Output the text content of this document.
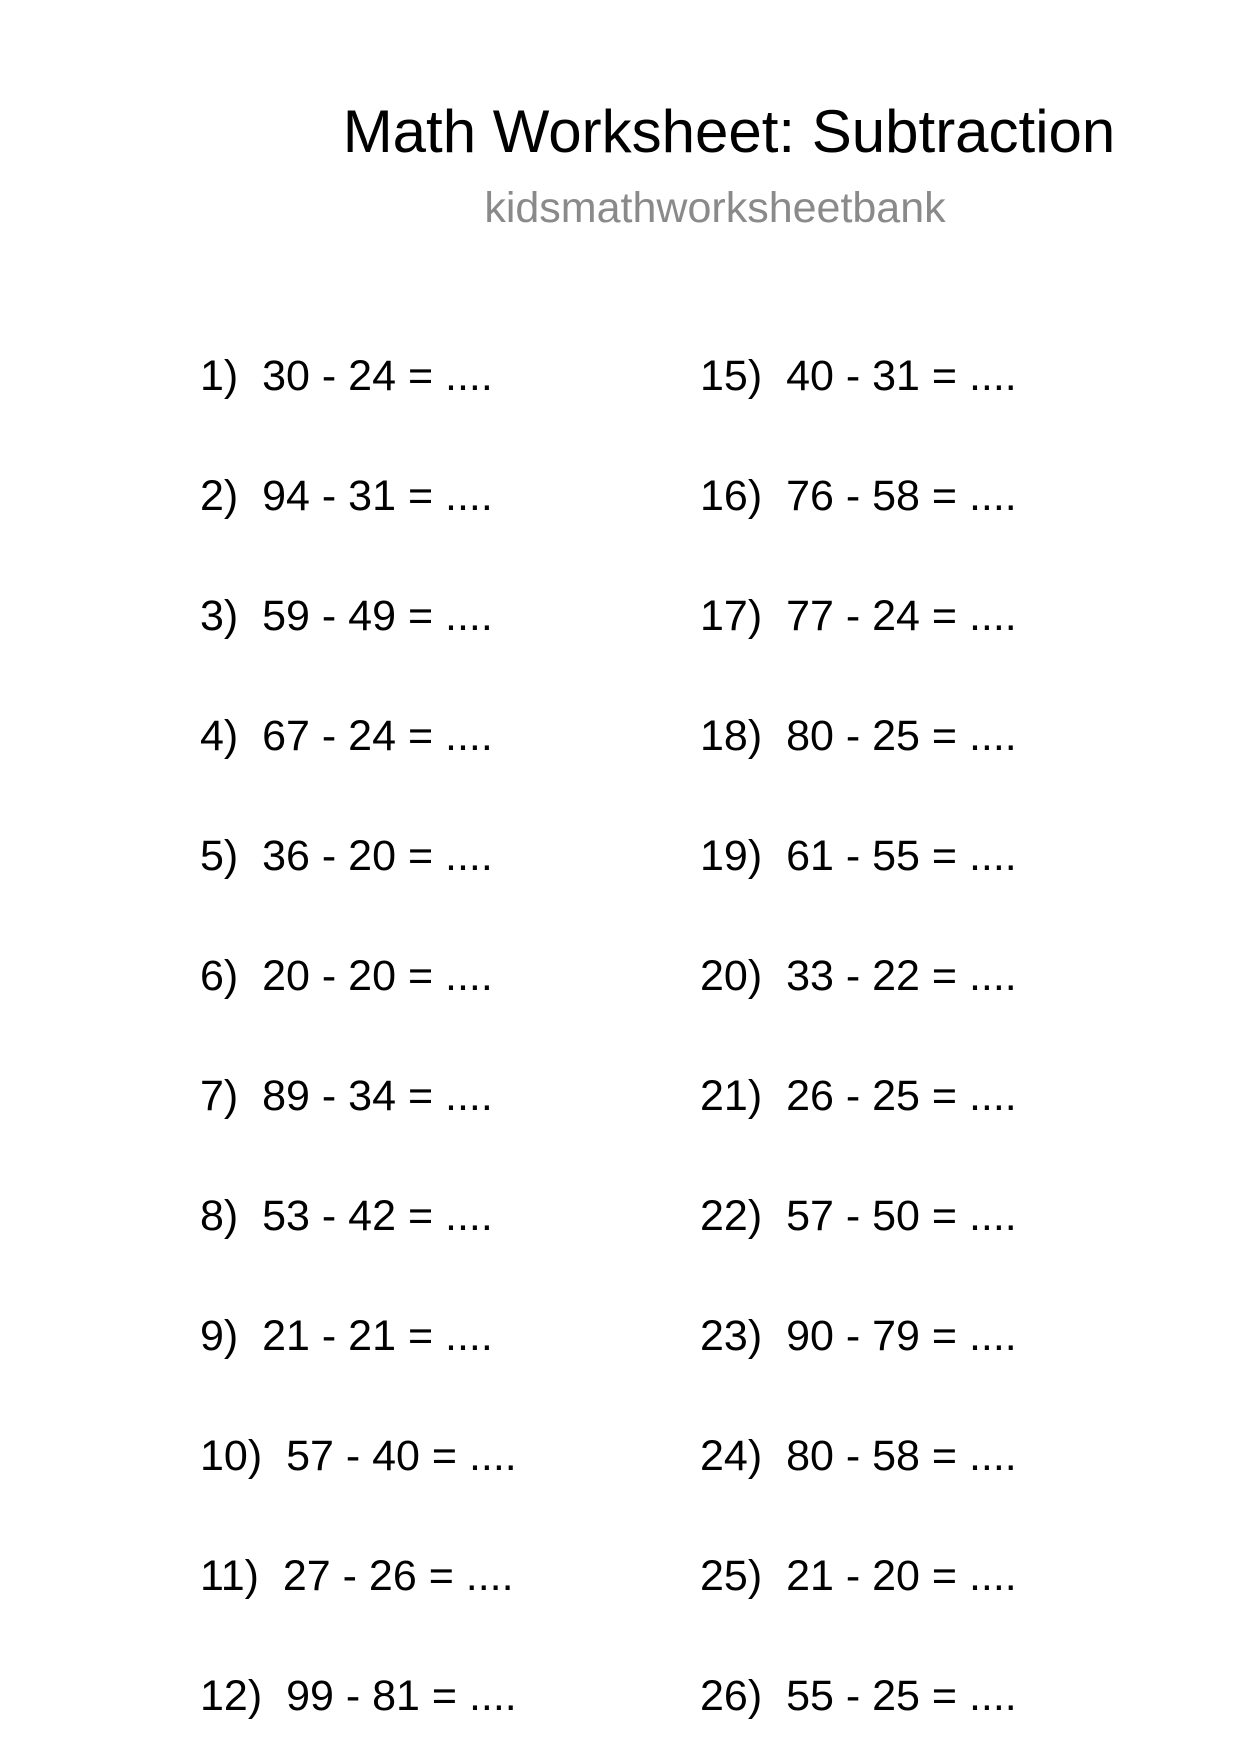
Math Worksheet: Subtraction
kidsmathworksheetbank
1) 30 - 24 = ....
2) 94 - 31 = ....
3) 59 - 49 = ....
4) 67 - 24 = ....
5) 36 - 20 = ....
6) 20 - 20 = ....
7) 89 - 34 = ....
8) 53 - 42 = ....
9) 21 - 21 = ....
10) 57 - 40 = ....
11) 27 - 26 = ....
12) 99 - 81 = ....
15) 40 - 31 = ....
16) 76 - 58 = ....
17) 77 - 24 = ....
18) 80 - 25 = ....
19) 61 - 55 = ....
20) 33 - 22 = ....
21) 26 - 25 = ....
22) 57 - 50 = ....
23) 90 - 79 = ....
24) 80 - 58 = ....
25) 21 - 20 = ....
26) 55 - 25 = ....
